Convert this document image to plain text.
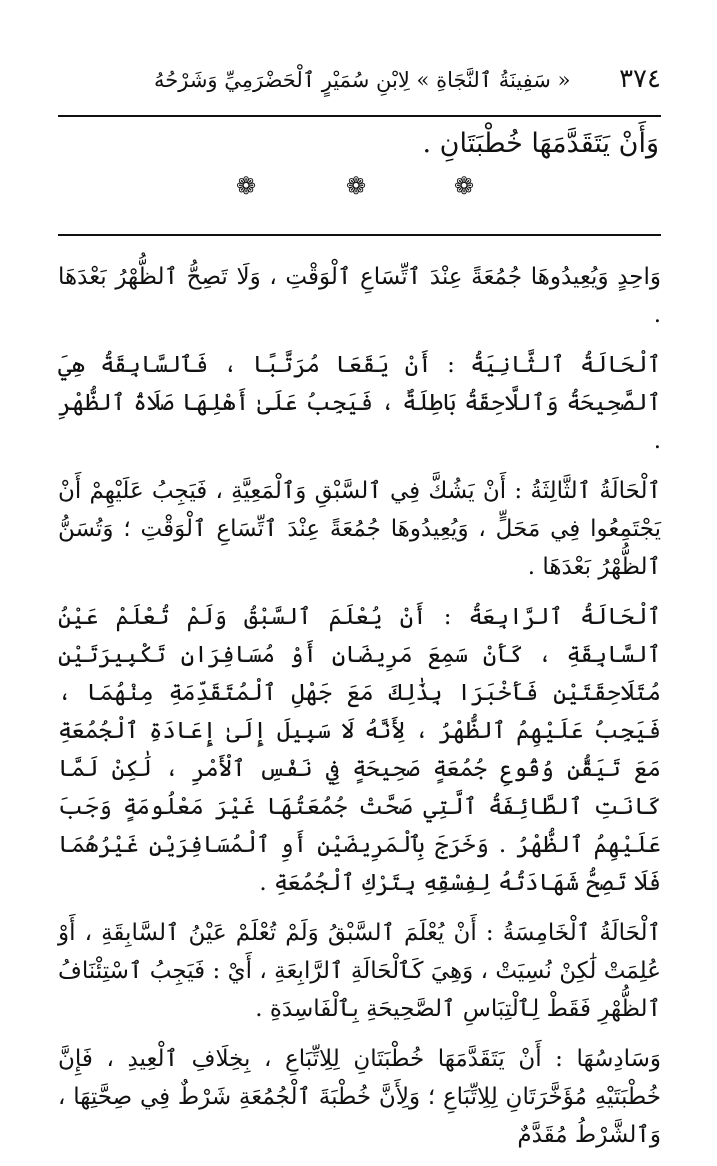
٣٧٤
« سَفِينَةُ ٱلنَّجَاةِ » لِابْنِ سُمَيْرٍ ٱلْحَضْرَمِيِّ وَشَرْحُهُ
وَأَنْ يَتَقَدَّمَهَا خُطْبَتَانِ .
❁
❁
❁

وَاحِدٍ وَيُعِيدُوهَا جُمُعَةً عِنْدَ ٱتِّسَاعِ ٱلْوَقْتِ ، وَلَا تَصِحُّ ٱلظُّهْرُ بَعْدَهَا .

ٱلْحَالَةُ ٱلثَّانِيَةُ : أَنْ يَقَعَا مُرَتَّبًا ، فَٱلسَّابِقَةُ هِيَ ٱلصَّحِيحَةُ وَٱللَّاحِقَةُ بَاطِلَةٌ ، فَيَجِبُ عَلَىٰ أَهْلِهَا صَلَاةُ ٱلظُّهْرِ .

ٱلْحَالَةُ ٱلثَّالِثَةُ : أَنْ يَشُكَّ فِي ٱلسَّبْقِ وَٱلْمَعِيَّةِ ، فَيَجِبُ عَلَيْهِمْ أَنْ يَجْتَمِعُوا فِي مَحَلٍّ ، وَيُعِيدُوهَا جُمُعَةً عِنْدَ ٱتِّسَاعِ ٱلْوَقْتِ ؛ وَتُسَنُّ ٱلظُّهْرُ بَعْدَهَا .

ٱلْحَالَةُ ٱلرَّابِعَةُ : أَنْ يُعْلَمَ ٱلسَّبْقُ وَلَمْ تُعْلَمْ عَيْنُ ٱلسَّابِقَةِ ، كَأَنْ سَمِعَ مَرِيضَانِ أَوْ مُسَافِرَانِ تَكْبِيرَتَيْنِ مُتَلَاحِقَتَيْنِ فَأَخْبَرَا بِذَٰلِكَ مَعَ جَهْلِ ٱلْمُتَقَدِّمَةِ مِنْهُمَا ، فَيَجِبُ عَلَيْهِمُ ٱلظُّهْرُ ، لِأَنَّهُ لَا سَبِيلَ إِلَىٰ إِعَادَةِ ٱلْجُمُعَةِ مَعَ تَيَقُّنِ وُقُوعِ جُمُعَةٍ صَحِيحَةٍ فِي نَفْسِ ٱلْأَمْرِ ، لَٰكِنْ لَمَّا كَانَتِ ٱلطَّائِفَةُ ٱلَّتِي صَحَّتْ جُمُعَتُهَا غَيْرَ مَعْلُومَةٍ وَجَبَ عَلَيْهِمُ ٱلظُّهْرُ . وَخَرَجَ بِٱلْمَرِيضَيْنِ أَوِ ٱلْمُسَافِرَيْنِ غَيْرُهُمَا فَلَا تَصِحُّ شَهَادَتُهُ لِفِسْقِهِ بِتَرْكِ ٱلْجُمُعَةِ .

ٱلْحَالَةُ ٱلْخَامِسَةُ : أَنْ يُعْلَمَ ٱلسَّبْقُ وَلَمْ تُعْلَمْ عَيْنُ ٱلسَّابِقَةِ ، أَوْ عُلِمَتْ لَٰكِنْ نُسِيَتْ ، وَهِيَ كَٱلْحَالَةِ ٱلرَّابِعَةِ ، أَيْ : فَيَجِبُ ٱسْتِئْنَافُ ٱلظُّهْرِ فَقَطْ لِٱلْتِبَاسِ ٱلصَّحِيحَةِ بِٱلْفَاسِدَةِ .

وَسَادِسُهَا : أَنْ يَتَقَدَّمَهَا خُطْبَتَانِ لِلِاتِّبَاعِ ، بِخِلَافِ ٱلْعِيدِ ، فَإِنَّ خُطْبَتَيْهِ مُؤَخَّرَتَانِ لِلِاتِّبَاعِ ؛ وَلِأَنَّ خُطْبَةَ ٱلْجُمُعَةِ شَرْطٌ فِي صِحَّتِهَا ، وَٱلشَّرْطُ مُقَدَّمٌ
